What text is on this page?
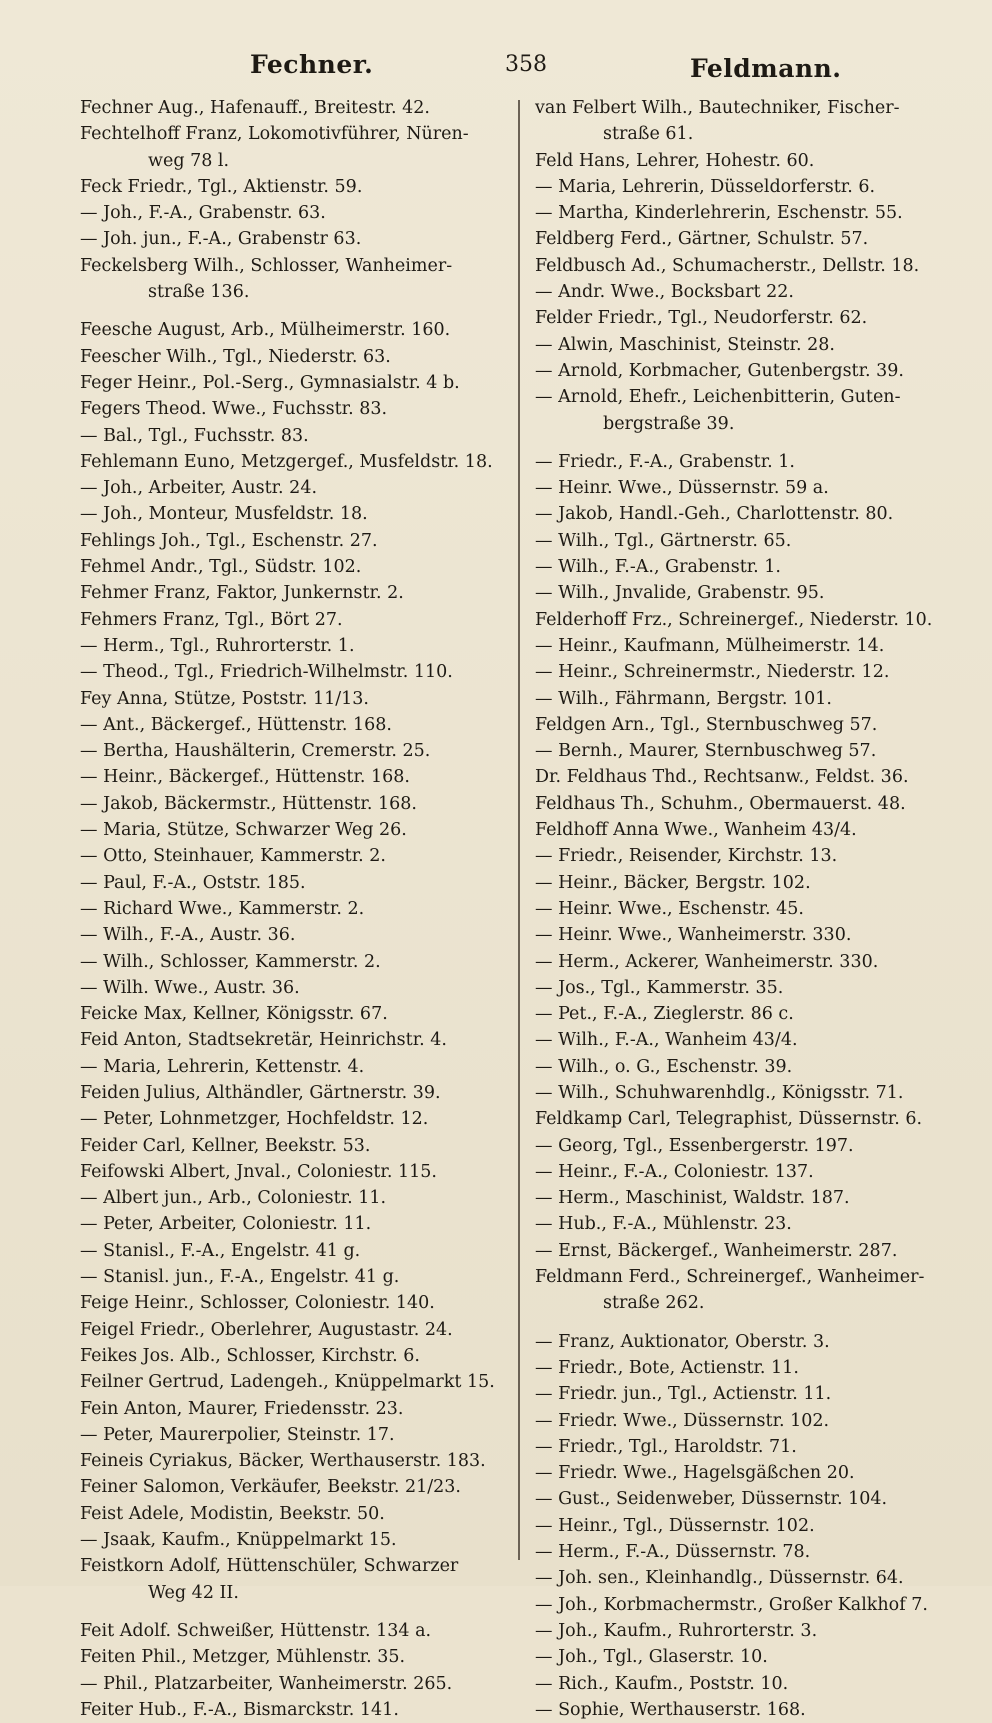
Fechner.	358	Feldmann.

Fechner Aug., Hafenauff., Breitestr. 42.

Fechtelhoff Franz, Lokomotivführer, Nüren-

weg 78 l.

Feck Friedr., Tgl., Aktienstr. 59.

— Joh., F.-A., Grabenstr. 63.

— Joh. jun., F.-A., Grabenstr 63.

Feckelsberg Wilh., Schlosser, Wanheimer-

straße 136.

Feesche August, Arb., Mülheimerstr. 160.

Feescher Wilh., Tgl., Niederstr. 63.

Feger Heinr., Pol.-Serg., Gymnasialstr. 4 b.

Fegers Theod. Wwe., Fuchsstr. 83.

— Bal., Tgl., Fuchsstr. 83.

Fehlemann Euno, Metzgergef., Musfeldstr. 18.

— Joh., Arbeiter, Austr. 24.

— Joh., Monteur, Musfeldstr. 18.

Fehlings Joh., Tgl., Eschenstr. 27.

Fehmel Andr., Tgl., Südstr. 102.

Fehmer Franz, Faktor, Junkernstr. 2.

Fehmers Franz, Tgl., Bört 27.

— Herm., Tgl., Ruhrorterstr. 1.

— Theod., Tgl., Friedrich-Wilhelmstr. 110.

Fey Anna, Stütze, Poststr. 11/13.

— Ant., Bäckergef., Hüttenstr. 168.

— Bertha, Haushälterin, Cremerstr. 25.

— Heinr., Bäckergef., Hüttenstr. 168.

— Jakob, Bäckermstr., Hüttenstr. 168.

— Maria, Stütze, Schwarzer Weg 26.

— Otto, Steinhauer, Kammerstr. 2.

— Paul, F.-A., Oststr. 185.

— Richard Wwe., Kammerstr. 2.

— Wilh., F.-A., Austr. 36.

— Wilh., Schlosser, Kammerstr. 2.

— Wilh. Wwe., Austr. 36.

Feicke Max, Kellner, Königsstr. 67.

Feid Anton, Stadtsekretär, Heinrichstr. 4.

— Maria, Lehrerin, Kettenstr. 4.

Feiden Julius, Althändler, Gärtnerstr. 39.

— Peter, Lohnmetzger, Hochfeldstr. 12.

Feider Carl, Kellner, Beekstr. 53.

Feifowski Albert, Jnval., Coloniestr. 115.

— Albert jun., Arb., Coloniestr. 11.

— Peter, Arbeiter, Coloniestr. 11.

— Stanisl., F.-A., Engelstr. 41 g.

— Stanisl. jun., F.-A., Engelstr. 41 g.

Feige Heinr., Schlosser, Coloniestr. 140.

Feigel Friedr., Oberlehrer, Augustastr. 24.

Feikes Jos. Alb., Schlosser, Kirchstr. 6.

Feilner Gertrud, Ladengeh., Knüppelmarkt 15.

Fein Anton, Maurer, Friedensstr. 23.

— Peter, Maurerpolier, Steinstr. 17.

Feineis Cyriakus, Bäcker, Werthauserstr. 183.

Feiner Salomon, Verkäufer, Beekstr. 21/23.

Feist Adele, Modistin, Beekstr. 50.

— Jsaak, Kaufm., Knüppelmarkt 15.

Feistkorn Adolf, Hüttenschüler, Schwarzer

Weg 42 II.

Feit Adolf. Schweißer, Hüttenstr. 134 a.

Feiten Phil., Metzger, Mühlenstr. 35.

— Phil., Platzarbeiter, Wanheimerstr. 265.

Feiter Hub., F.-A., Bismarckstr. 141.

van Felbert Wilh., Bautechniker, Fischer-

straße 61.

Feld Hans, Lehrer, Hohestr. 60.

— Maria, Lehrerin, Düsseldorferstr. 6.

— Martha, Kinderlehrerin, Eschenstr. 55.

Feldberg Ferd., Gärtner, Schulstr. 57.

Feldbusch Ad., Schumacherstr., Dellstr. 18.

— Andr. Wwe., Bocksbart 22.

Felder Friedr., Tgl., Neudorferstr. 62.

— Alwin, Maschinist, Steinstr. 28.

— Arnold, Korbmacher, Gutenbergstr. 39.

— Arnold, Ehefr., Leichenbitterin, Guten-

bergstraße 39.

— Friedr., F.-A., Grabenstr. 1.

— Heinr. Wwe., Düssernstr. 59 a.

— Jakob, Handl.-Geh., Charlottenstr. 80.

— Wilh., Tgl., Gärtnerstr. 65.

— Wilh., F.-A., Grabenstr. 1.

— Wilh., Jnvalide, Grabenstr. 95.

Felderhoff Frz., Schreinergef., Niederstr. 10.

— Heinr., Kaufmann, Mülheimerstr. 14.

— Heinr., Schreinermstr., Niederstr. 12.

— Wilh., Fährmann, Bergstr. 101.

Feldgen Arn., Tgl., Sternbuschweg 57.

— Bernh., Maurer, Sternbuschweg 57.

Dr. Feldhaus Thd., Rechtsanw., Feldst. 36.

Feldhaus Th., Schuhm., Obermauerst. 48.

Feldhoff Anna Wwe., Wanheim 43/4.

— Friedr., Reisender, Kirchstr. 13.

— Heinr., Bäcker, Bergstr. 102.

— Heinr. Wwe., Eschenstr. 45.

— Heinr. Wwe., Wanheimerstr. 330.

— Herm., Ackerer, Wanheimerstr. 330.

— Jos., Tgl., Kammerstr. 35.

— Pet., F.-A., Zieglerstr. 86 c.

— Wilh., F.-A., Wanheim 43/4.

— Wilh., o. G., Eschenstr. 39.

— Wilh., Schuhwarenhdlg., Königsstr. 71.

Feldkamp Carl, Telegraphist, Düssernstr. 6.

— Georg, Tgl., Essenbergerstr. 197.

— Heinr., F.-A., Coloniestr. 137.

— Herm., Maschinist, Waldstr. 187.

— Hub., F.-A., Mühlenstr. 23.

— Ernst, Bäckergef., Wanheimerstr. 287.

Feldmann Ferd., Schreinergef., Wanheimer-

straße 262.

— Franz, Auktionator, Oberstr. 3.

— Friedr., Bote, Actienstr. 11.

— Friedr. jun., Tgl., Actienstr. 11.

— Friedr. Wwe., Düssernstr. 102.

— Friedr., Tgl., Haroldstr. 71.

— Friedr. Wwe., Hagelsgäßchen 20.

— Gust., Seidenweber, Düssernstr. 104.

— Heinr., Tgl., Düssernstr. 102.

— Herm., F.-A., Düssernstr. 78.

— Joh. sen., Kleinhandlg., Düssernstr. 64.

— Joh., Korbmachermstr., Großer Kalkhof 7.

— Joh., Kaufm., Ruhrorterstr. 3.

— Joh., Tgl., Glaserstr. 10.

— Rich., Kaufm., Poststr. 10.

— Sophie, Werthauserstr. 168.
